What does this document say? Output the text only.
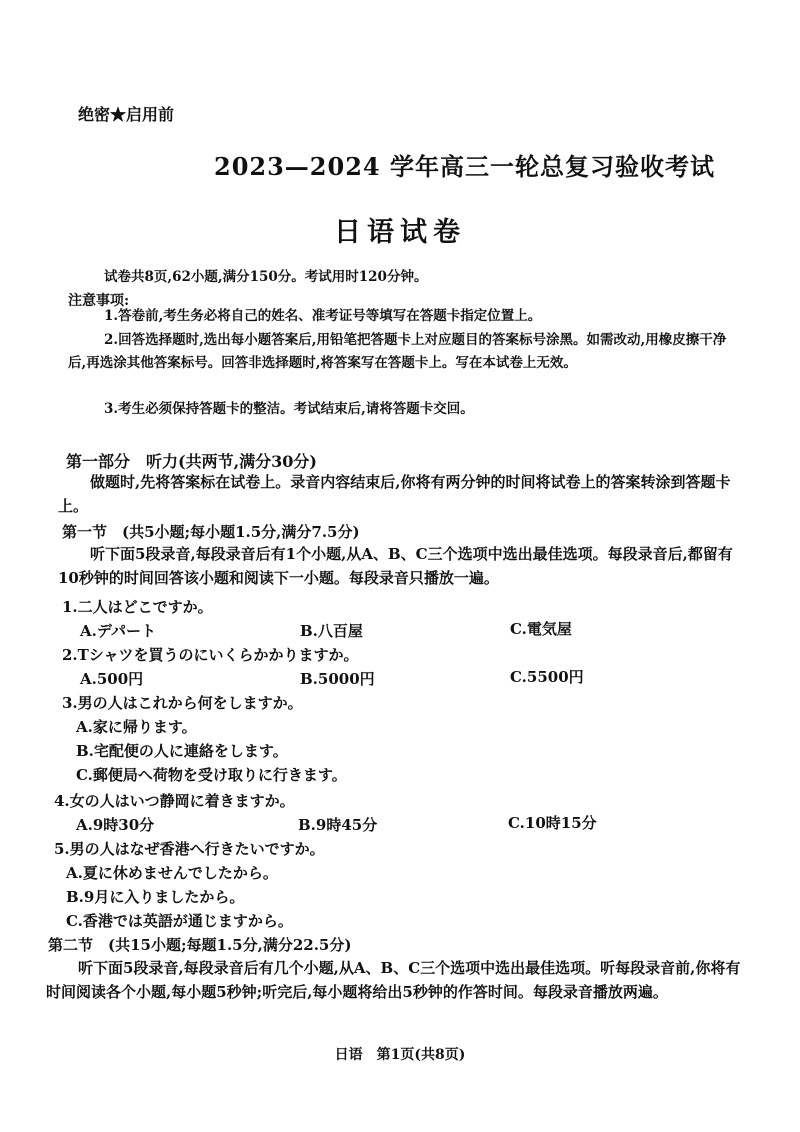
绝密★启用前
2023—2024 学年高三一轮总复习验收考试
日语试卷
试卷共8页,62小题,满分150分。考试用时120分钟。
注意事项:
1.答卷前,考生务必将自己的姓名、准考证号等填写在答题卡指定位置上。
2.回答选择题时,选出每小题答案后,用铅笔把答题卡上对应题目的答案标号涂黑。如需改动,用橡皮擦干净后,再选涂其他答案标号。回答非选择题时,将答案写在答题卡上。写在本试卷上无效。
3.考生必须保持答题卡的整洁。考试结束后,请将答题卡交回。
第一部分　听力(共两节,满分30分)
做题时,先将答案标在试卷上。录音内容结束后,你将有两分钟的时间将试卷上的答案转涂到答题卡上。
第一节　(共5小题;每小题1.5分,满分7.5分)
听下面5段录音,每段录音后有1个小题,从A、B、C三个选项中选出最佳选项。每段录音后,都留有10秒钟的时间回答该小题和阅读下一小题。每段录音只播放一遍。
1.二人はどこですか。
A.デパート	B.八百屋	C.電気屋
2.Tシャツを買うのにいくらかかりますか。
A.500円	B.5000円	C.5500円
3.男の人はこれから何をしますか。
A.家に帰ります。
B.宅配便の人に連絡をします。
C.郵便局へ荷物を受け取りに行きます。
4.女の人はいつ静岡に着きますか。
A.9時30分	B.9時45分	C.10時15分
5.男の人はなぜ香港へ行きたいですか。
A.夏に休めませんでしたから。
B.9月に入りましたから。
C.香港では英語が通じますから。
第二节　(共15小题;每题1.5分,满分22.5分)
听下面5段录音,每段录音后有几个小题,从A、B、C三个选项中选出最佳选项。听每段录音前,你将有时间阅读各个小题,每小题5秒钟;听完后,每小题将给出5秒钟的作答时间。每段录音播放两遍。
日语　第1页(共8页)
